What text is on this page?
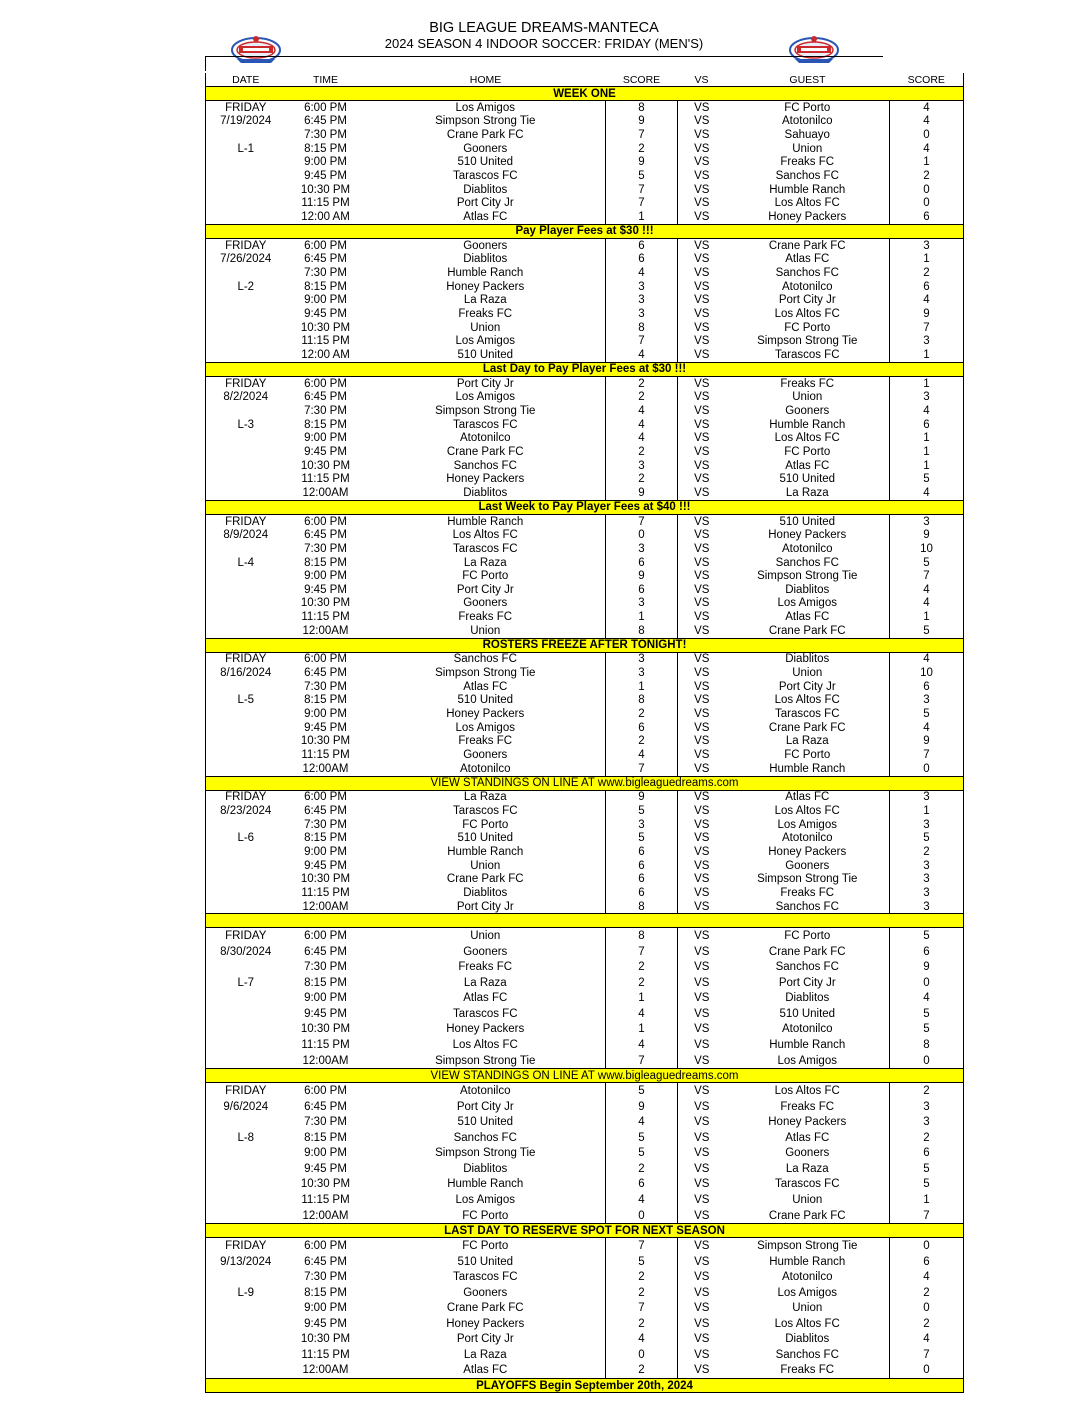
BIG LEAGUE DREAMS-MANTECA
2024 SEASON 4 INDOOR SOCCER: FRIDAY (MEN'S)
DATE	TIME	HOME	SCORE	VS	GUEST	SCORE
WEEK ONE						
FRIDAY	6:00 PM	Los Amigos	8	VS	FC Porto	4
7/19/2024	6:45 PM	Simpson Strong Tie	9	VS	Atotonilco	4
	7:30 PM	Crane Park FC	7	VS	Sahuayo	0
L-1	8:15 PM	Gooners	2	VS	Union	4
	9:00 PM	510 United	9	VS	Freaks FC	1
	9:45 PM	Tarascos FC	5	VS	Sanchos FC	2
	10:30 PM	Diablitos	7	VS	Humble Ranch	0
	11:15 PM	Port City Jr	7	VS	Los Altos FC	0
	12:00 AM	Atlas FC	1	VS	Honey Packers	6
Pay Player Fees at $30 !!!						
FRIDAY	6:00 PM	Gooners	6	VS	Crane Park FC	3
7/26/2024	6:45 PM	Diablitos	6	VS	Atlas FC	1
	7:30 PM	Humble Ranch	4	VS	Sanchos FC	2
L-2	8:15 PM	Honey Packers	3	VS	Atotonilco	6
	9:00 PM	La Raza	3	VS	Port City Jr	4
	9:45 PM	Freaks FC	3	VS	Los Altos FC	9
	10:30 PM	Union	8	VS	FC Porto	7
	11:15 PM	Los Amigos	7	VS	Simpson Strong Tie	3
	12:00 AM	510 United	4	VS	Tarascos FC	1
Last Day to Pay Player Fees at $30 !!!						
FRIDAY	6:00 PM	Port City Jr	2	VS	Freaks FC	1
8/2/2024	6:45 PM	Los Amigos	2	VS	Union	3
	7:30 PM	Simpson Strong Tie	4	VS	Gooners	4
L-3	8:15 PM	Tarascos FC	4	VS	Humble Ranch	6
	9:00 PM	Atotonilco	4	VS	Los Altos FC	1
	9:45 PM	Crane Park FC	2	VS	FC Porto	1
	10:30 PM	Sanchos FC	3	VS	Atlas FC	1
	11:15 PM	Honey Packers	2	VS	510 United	5
	12:00AM	Diablitos	9	VS	La Raza	4
Last Week to Pay Player Fees at $40 !!!						
FRIDAY	6:00 PM	Humble Ranch	7	VS	510 United	3
8/9/2024	6:45 PM	Los Altos FC	0	VS	Honey Packers	9
	7:30 PM	Tarascos FC	3	VS	Atotonilco	10
L-4	8:15 PM	La Raza	6	VS	Sanchos FC	5
	9:00 PM	FC Porto	9	VS	Simpson Strong Tie	7
	9:45 PM	Port City Jr	6	VS	Diablitos	4
	10:30 PM	Gooners	3	VS	Los Amigos	4
	11:15 PM	Freaks FC	1	VS	Atlas FC	1
	12:00AM	Union	8	VS	Crane Park FC	5
ROSTERS FREEZE AFTER TONIGHT!						
FRIDAY	6:00 PM	Sanchos FC	3	VS	Diablitos	4
8/16/2024	6:45 PM	Simpson Strong Tie	3	VS	Union	10
	7:30 PM	Atlas FC	1	VS	Port City Jr	6
L-5	8:15 PM	510 United	8	VS	Los Altos FC	3
	9:00 PM	Honey Packers	2	VS	Tarascos FC	5
	9:45 PM	Los Amigos	6	VS	Crane Park FC	4
	10:30 PM	Freaks FC	2	VS	La Raza	9
	11:15 PM	Gooners	4	VS	FC Porto	7
	12:00AM	Atotonilco	7	VS	Humble Ranch	0
VIEW STANDINGS ON LINE AT www.bigleaguedreams.com						
FRIDAY	6:00 PM	La Raza	9	VS	Atlas FC	3
8/23/2024	6:45 PM	Tarascos FC	5	VS	Los Altos FC	1
	7:30 PM	FC Porto	3	VS	Los Amigos	3
L-6	8:15 PM	510 United	5	VS	Atotonilco	5
	9:00 PM	Humble Ranch	6	VS	Honey Packers	2
	9:45 PM	Union	6	VS	Gooners	3
	10:30 PM	Crane Park FC	6	VS	Simpson Strong Tie	3
	11:15 PM	Diablitos	6	VS	Freaks FC	3
	12:00AM	Port City Jr	8	VS	Sanchos FC	3

FRIDAY	6:00 PM	Union	8	VS	FC Porto	5
8/30/2024	6:45 PM	Gooners	7	VS	Crane Park FC	6
	7:30 PM	Freaks FC	2	VS	Sanchos FC	9
L-7	8:15 PM	La Raza	2	VS	Port City Jr	0
	9:00 PM	Atlas FC	1	VS	Diablitos	4
	9:45 PM	Tarascos FC	4	VS	510 United	5
	10:30 PM	Honey Packers	1	VS	Atotonilco	5
	11:15 PM	Los Altos FC	4	VS	Humble Ranch	8
	12:00AM	Simpson Strong Tie	7	VS	Los Amigos	0
VIEW STANDINGS ON LINE AT www.bigleaguedreams.com						
FRIDAY	6:00 PM	Atotonilco	5	VS	Los Altos FC	2
9/6/2024	6:45 PM	Port City Jr	9	VS	Freaks FC	3
	7:30 PM	510 United	4	VS	Honey Packers	3
L-8	8:15 PM	Sanchos FC	5	VS	Atlas FC	2
	9:00 PM	Simpson Strong Tie	5	VS	Gooners	6
	9:45 PM	Diablitos	2	VS	La Raza	5
	10:30 PM	Humble Ranch	6	VS	Tarascos FC	5
	11:15 PM	Los Amigos	4	VS	Union	1
	12:00AM	FC Porto	0	VS	Crane Park FC	7
LAST DAY TO RESERVE SPOT FOR NEXT SEASON						
FRIDAY	6:00 PM	FC Porto	7	VS	Simpson Strong Tie	0
9/13/2024	6:45 PM	510 United	5	VS	Humble Ranch	6
	7:30 PM	Tarascos FC	2	VS	Atotonilco	4
L-9	8:15 PM	Gooners	2	VS	Los Amigos	2
	9:00 PM	Crane Park FC	7	VS	Union	0
	9:45 PM	Honey Packers	2	VS	Los Altos FC	2
	10:30 PM	Port City Jr	4	VS	Diablitos	4
	11:15 PM	La Raza	0	VS	Sanchos FC	7
	12:00AM	Atlas FC	2	VS	Freaks FC	0
PLAYOFFS Begin September 20th, 2024						
